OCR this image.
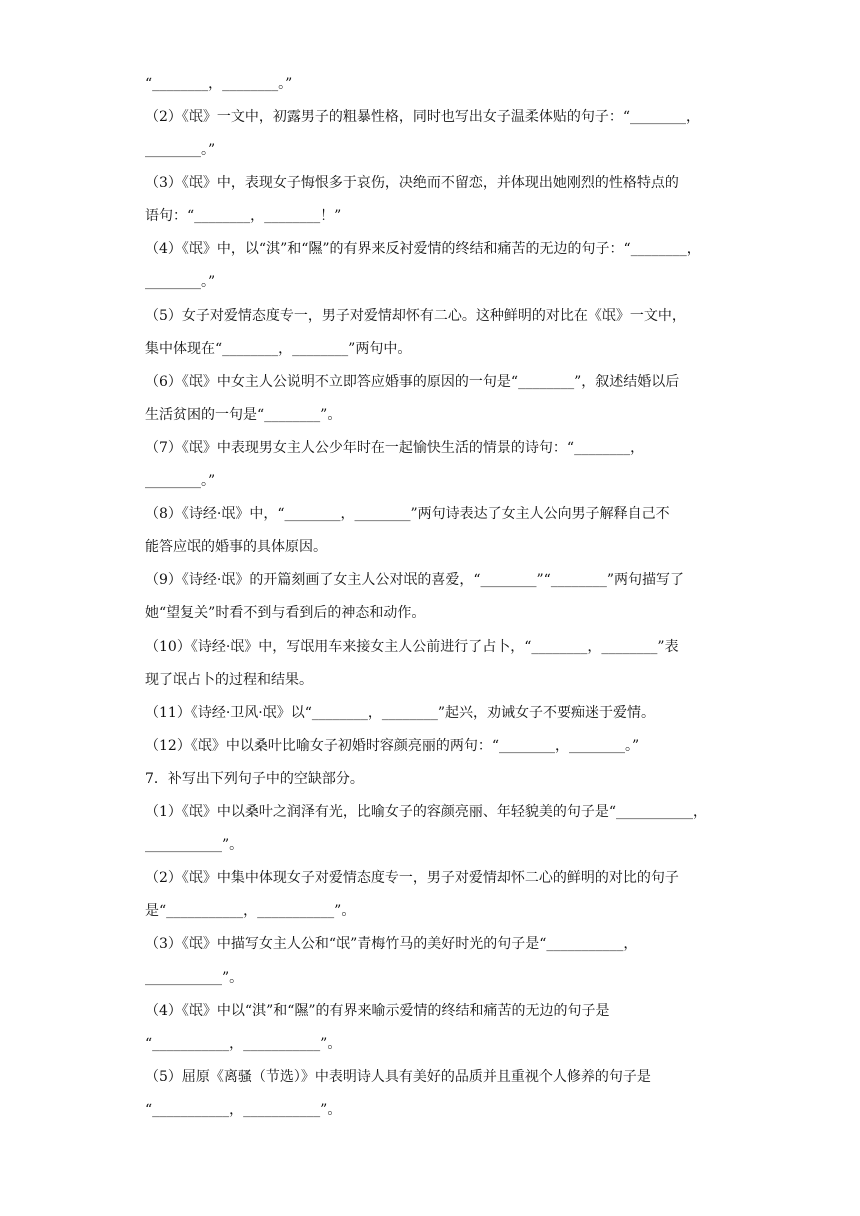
“________，________。”
（2）《氓》一文中，初露男子的粗暴性格，同时也写出女子温柔体贴的句子：“________，
________。”
（3）《氓》中，表现女子悔恨多于哀伤，决绝而不留恋，并体现出她刚烈的性格特点的
语句：“________，________！”
（4）《氓》中，以“淇”和“隰”的有界来反衬爱情的终结和痛苦的无边的句子：“________，
________。”
（5）女子对爱情态度专一，男子对爱情却怀有二心。这种鲜明的对比在《氓》一文中，
集中体现在“________，________”两句中。
（6）《氓》中女主人公说明不立即答应婚事的原因的一句是“________”，叙述结婚以后
生活贫困的一句是“________”。
（7）《氓》中表现男女主人公少年时在一起愉快生活的情景的诗句：“________，
________。”
（8）《诗经·氓》中，“________，________”两句诗表达了女主人公向男子解释自己不
能答应氓的婚事的具体原因。
（9）《诗经·氓》的开篇刻画了女主人公对氓的喜爱，“________”“________”两句描写了
她“望复关”时看不到与看到后的神态和动作。
（10）《诗经·氓》中，写氓用车来接女主人公前进行了占卜，“________，________”表
现了氓占卜的过程和结果。
（11）《诗经·卫风·氓》以“________，________”起兴，劝诫女子不要痴迷于爱情。
（12）《氓》中以桑叶比喻女子初婚时容颜亮丽的两句：“________，________。”
7．补写出下列句子中的空缺部分。
（1）《氓》中以桑叶之润泽有光，比喻女子的容颜亮丽、年轻貌美的句子是“___________，
___________”。
（2）《氓》中集中体现女子对爱情态度专一，男子对爱情却怀二心的鲜明的对比的句子
是“___________，___________”。
（3）《氓》中描写女主人公和“氓”青梅竹马的美好时光的句子是“___________，
___________”。
（4）《氓》中以“淇”和“隰”的有界来喻示爱情的终结和痛苦的无边的句子是
“___________，___________”。
（5）屈原《离骚（节选）》中表明诗人具有美好的品质并且重视个人修养的句子是
“___________，___________”。
